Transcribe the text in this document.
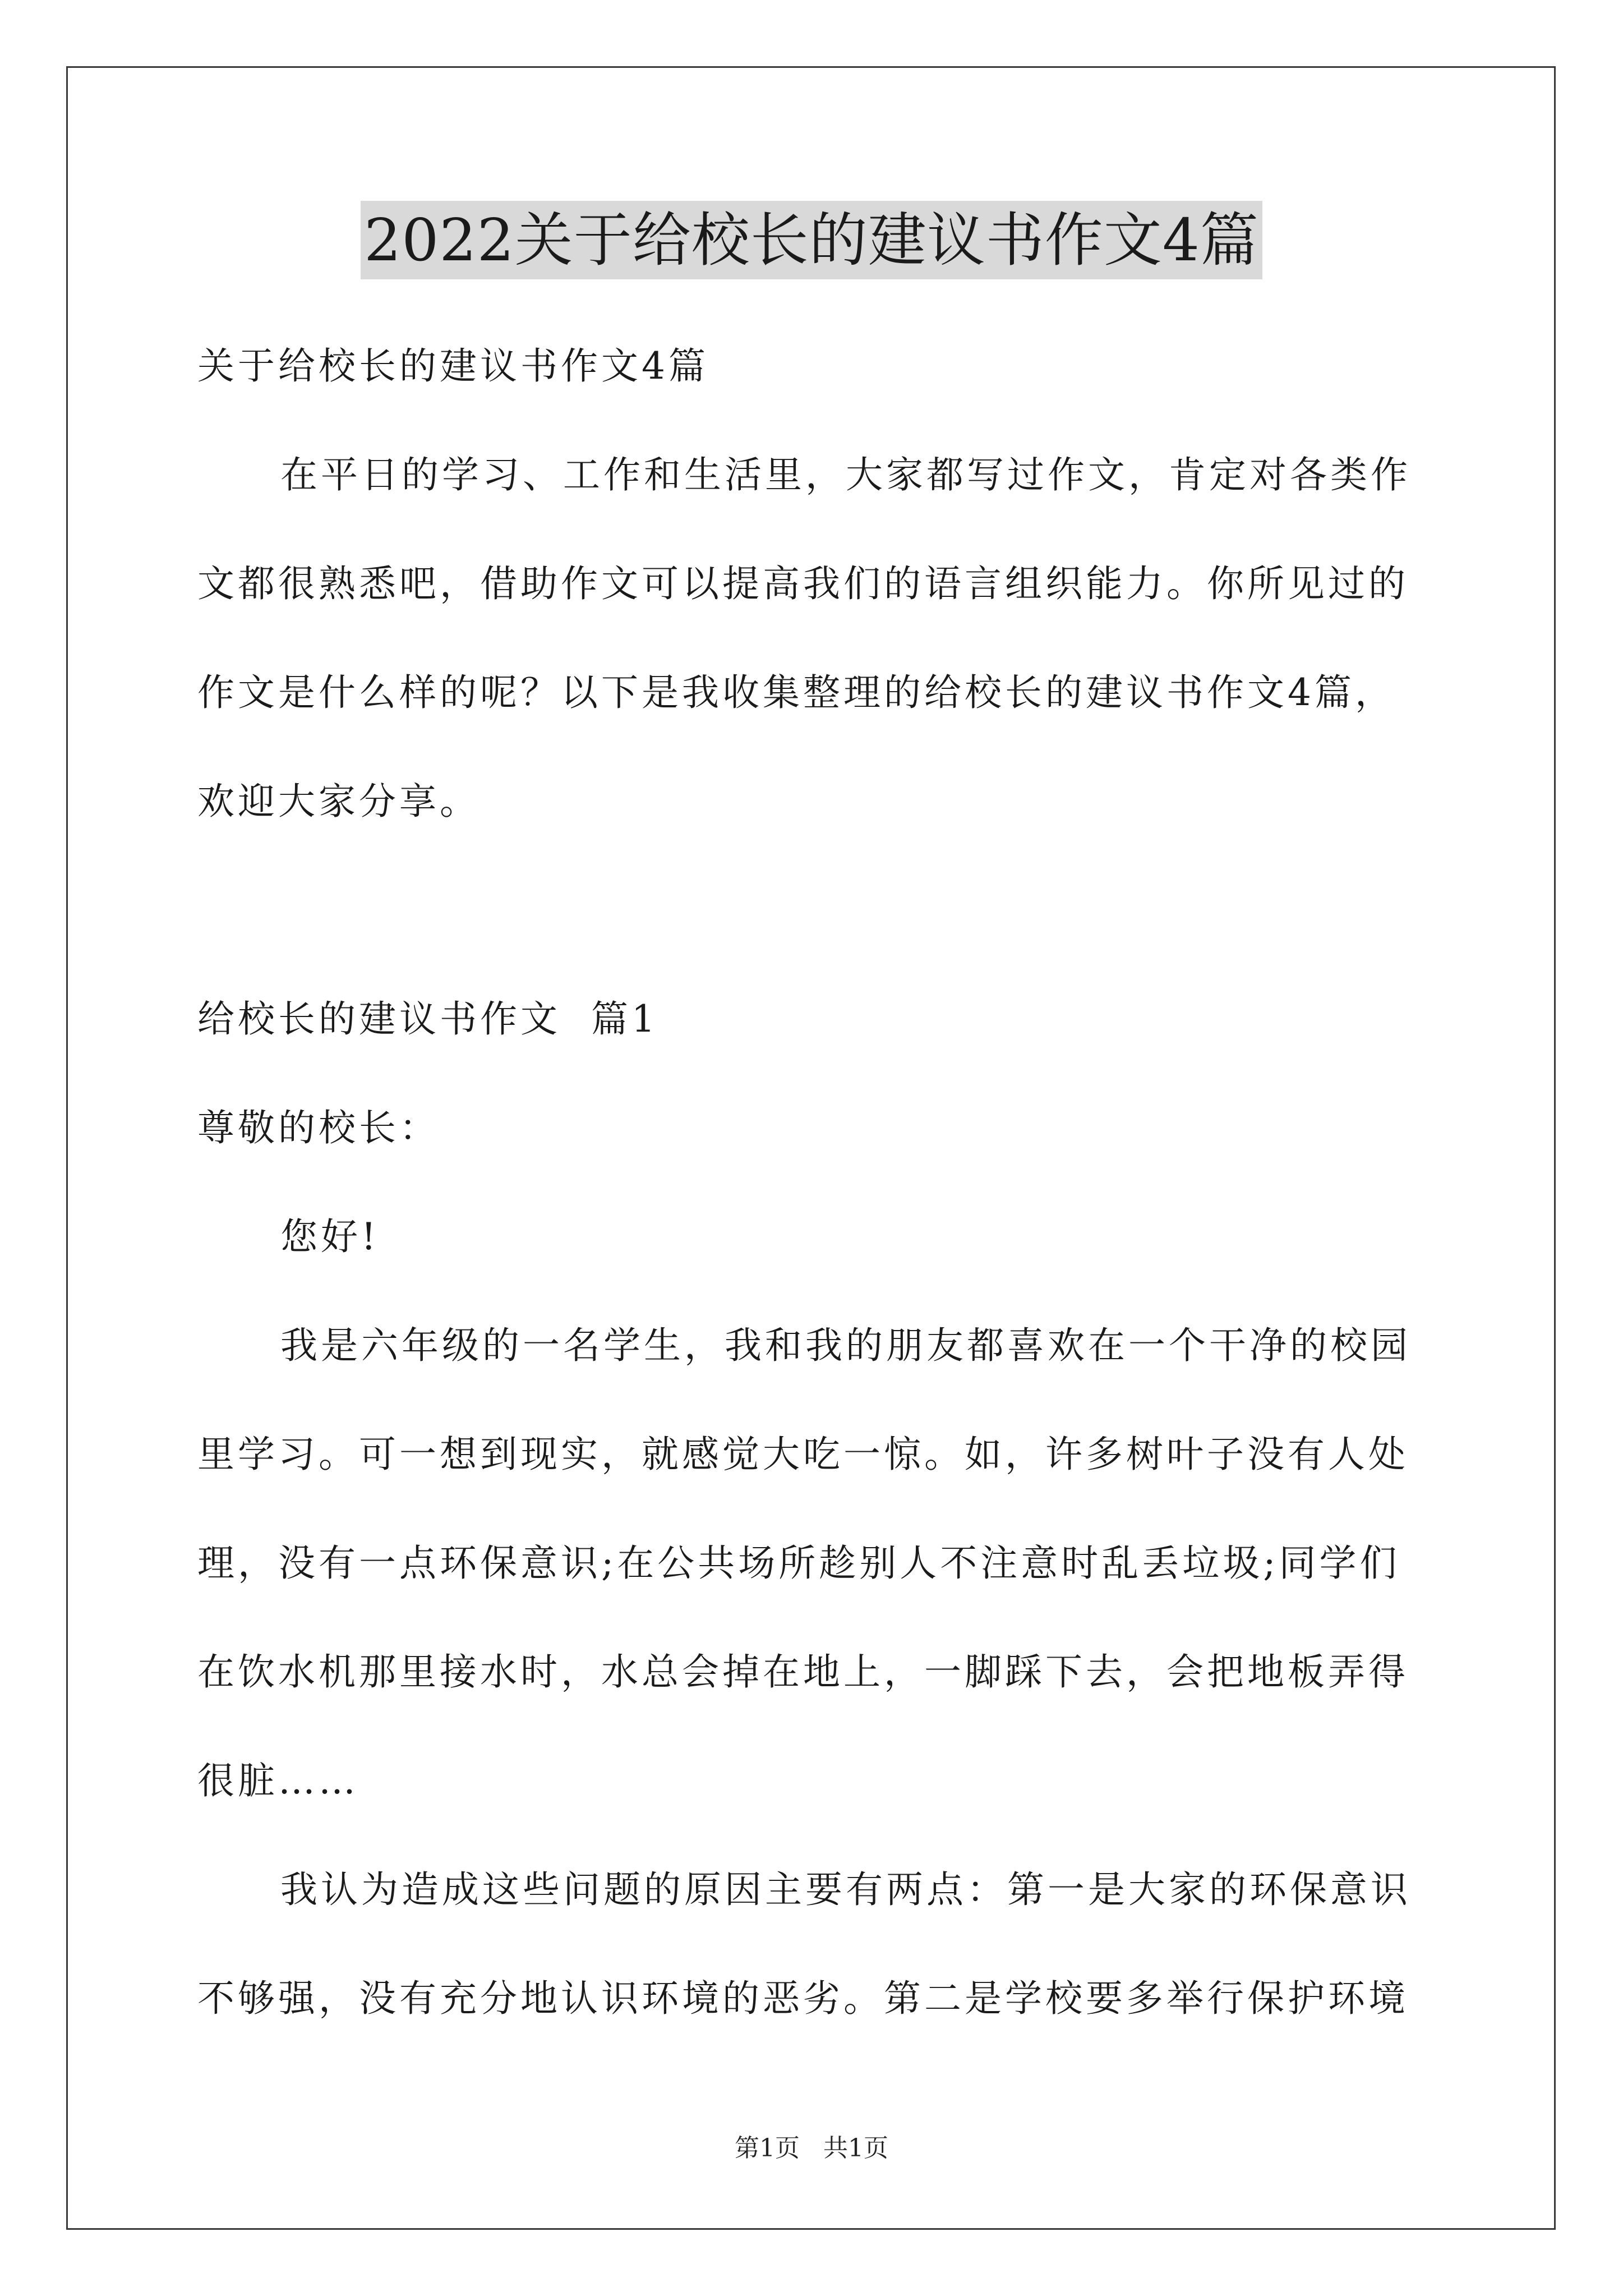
2022关于给校长的建议书作文4篇

关于给校长的建议书作文4篇

在平日的学习、工作和生活里，大家都写过作文，肯定对各类作文都很熟悉吧，借助作文可以提高我们的语言组织能力。你所见过的作文是什么样的呢？以下是我收集整理的给校长的建议书作文4篇，欢迎大家分享。

给校长的建议书作文  篇1

尊敬的校长：

您好!

我是六年级的一名学生，我和我的朋友都喜欢在一个干净的校园里学习。可一想到现实，就感觉大吃一惊。如，许多树叶子没有人处理，没有一点环保意识;在公共场所趁别人不注意时乱丢垃圾;同学们在饮水机那里接水时，水总会掉在地上，一脚踩下去，会把地板弄得很脏……

我认为造成这些问题的原因主要有两点：第一是大家的环保意识不够强，没有充分地认识环境的恶劣。第二是学校要多举行保护环境

第1页 共1页
